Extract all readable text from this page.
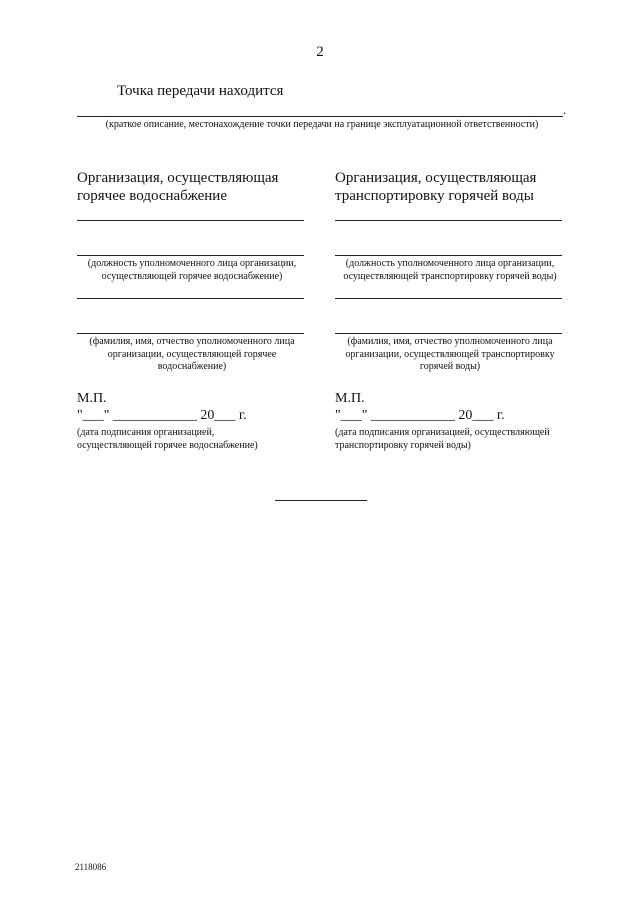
2
Точка передачи находится
.
(краткое описание, местонахождение точки передачи на границе эксплуатационной ответственности)
Организация, осуществляющая
горячее водоснабжение
(должность уполномоченного лица организации, осуществляющей горячее водоснабжение)
(фамилия, имя, отчество уполномоченного лица организации, осуществляющей горячее водоснабжение)
М.П.
"___" ____________ 20___ г.
(дата подписания организацией, осуществляющей горячее водоснабжение)
Организация, осуществляющая
транспортировку горячей воды
(должность уполномоченного лица организации, осуществляющей транспортировку горячей воды)
(фамилия, имя, отчество уполномоченного лица организации, осуществляющей транспортировку горячей воды)
М.П.
"___" ____________ 20___ г.
(дата подписания организацией, осуществляющей транспортировку горячей воды)
2118086
